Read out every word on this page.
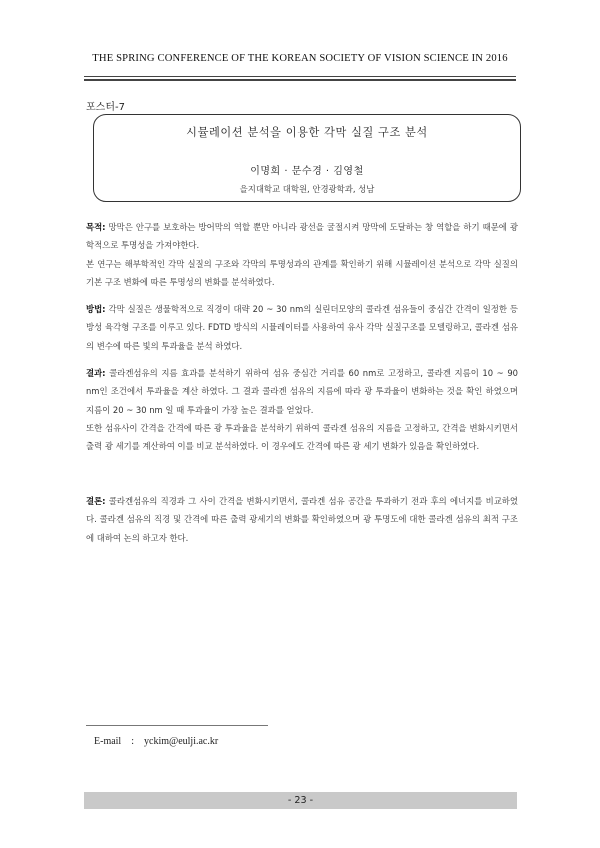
THE SPRING CONFERENCE OF THE KOREAN SOCIETY OF VISION SCIENCE IN 2016
포스터-7
시뮬레이션 분석을 이용한 각막 실질 구조 분석
이명희 · 문수경 · 김영철
을지대학교 대학원, 안경광학과, 성남

목적: 망막은 안구를 보호하는 방어막의 역할 뿐만 아니라 광선을 굴절시켜 망막에 도달하는 창 역할을 하기 때문에 광학적으로 투명성을 가져야한다.

본 연구는 해부학적인 각막 실질의 구조와 각막의 투명성과의 관계를 확인하기 위해 시뮬레이션 분석으로 각막 실질의 기본 구조 변화에 따른 투명성의 변화를 분석하였다.

방법: 각막 실질은 생물학적으로 직경이 대략 20 ~ 30 nm의 실린더모양의 콜라겐 섬유들이 중심간 간격이 일정한 등방성 육각형 구조를 이루고 있다. FDTD 방식의 시뮬레이터를 사용하여 유사 각막 실질구조를 모델링하고, 콜라겐 섬유의 변수에 따른 빛의 투과율을 분석 하였다.

결과: 콜라겐섬유의 지름 효과를 분석하기 위하여 섬유 중심간 거리를 60 nm로 고정하고, 콜라겐 지름이 10 ~ 90 nm인 조건에서 투과율을 계산 하였다. 그 결과 콜라겐 섬유의 지름에 따라 광 투과율이 변화하는 것을 확인 하였으며 지름이 20 ~ 30 nm 일 때 투과율이 가장 높은 결과를 얻었다.

또한 섬유사이 간격을 간격에 따른 광 투과율을 분석하기 위하여 콜라겐 섬유의 지름을 고정하고, 간격을 변화시키면서 출력 광 세기를 계산하여 이를 비교 분석하였다. 이 경우에도 간격에 따른 광 세기 변화가 있음을 확인하였다.

결론: 콜라겐섬유의 직경과 그 사이 간격을 변화시키면서, 콜라겐 섬유 공간을 투과하기 전과 후의 에너지를 비교하였다. 콜라겐 섬유의 직경 및 간격에 따른 출력 광세기의 변화를 확인하였으며 광 투명도에 대한 콜라겐 섬유의 최적 구조에 대하여 논의 하고자 한다.

E-mail : yckim@eulji.ac.kr
- 23 -
